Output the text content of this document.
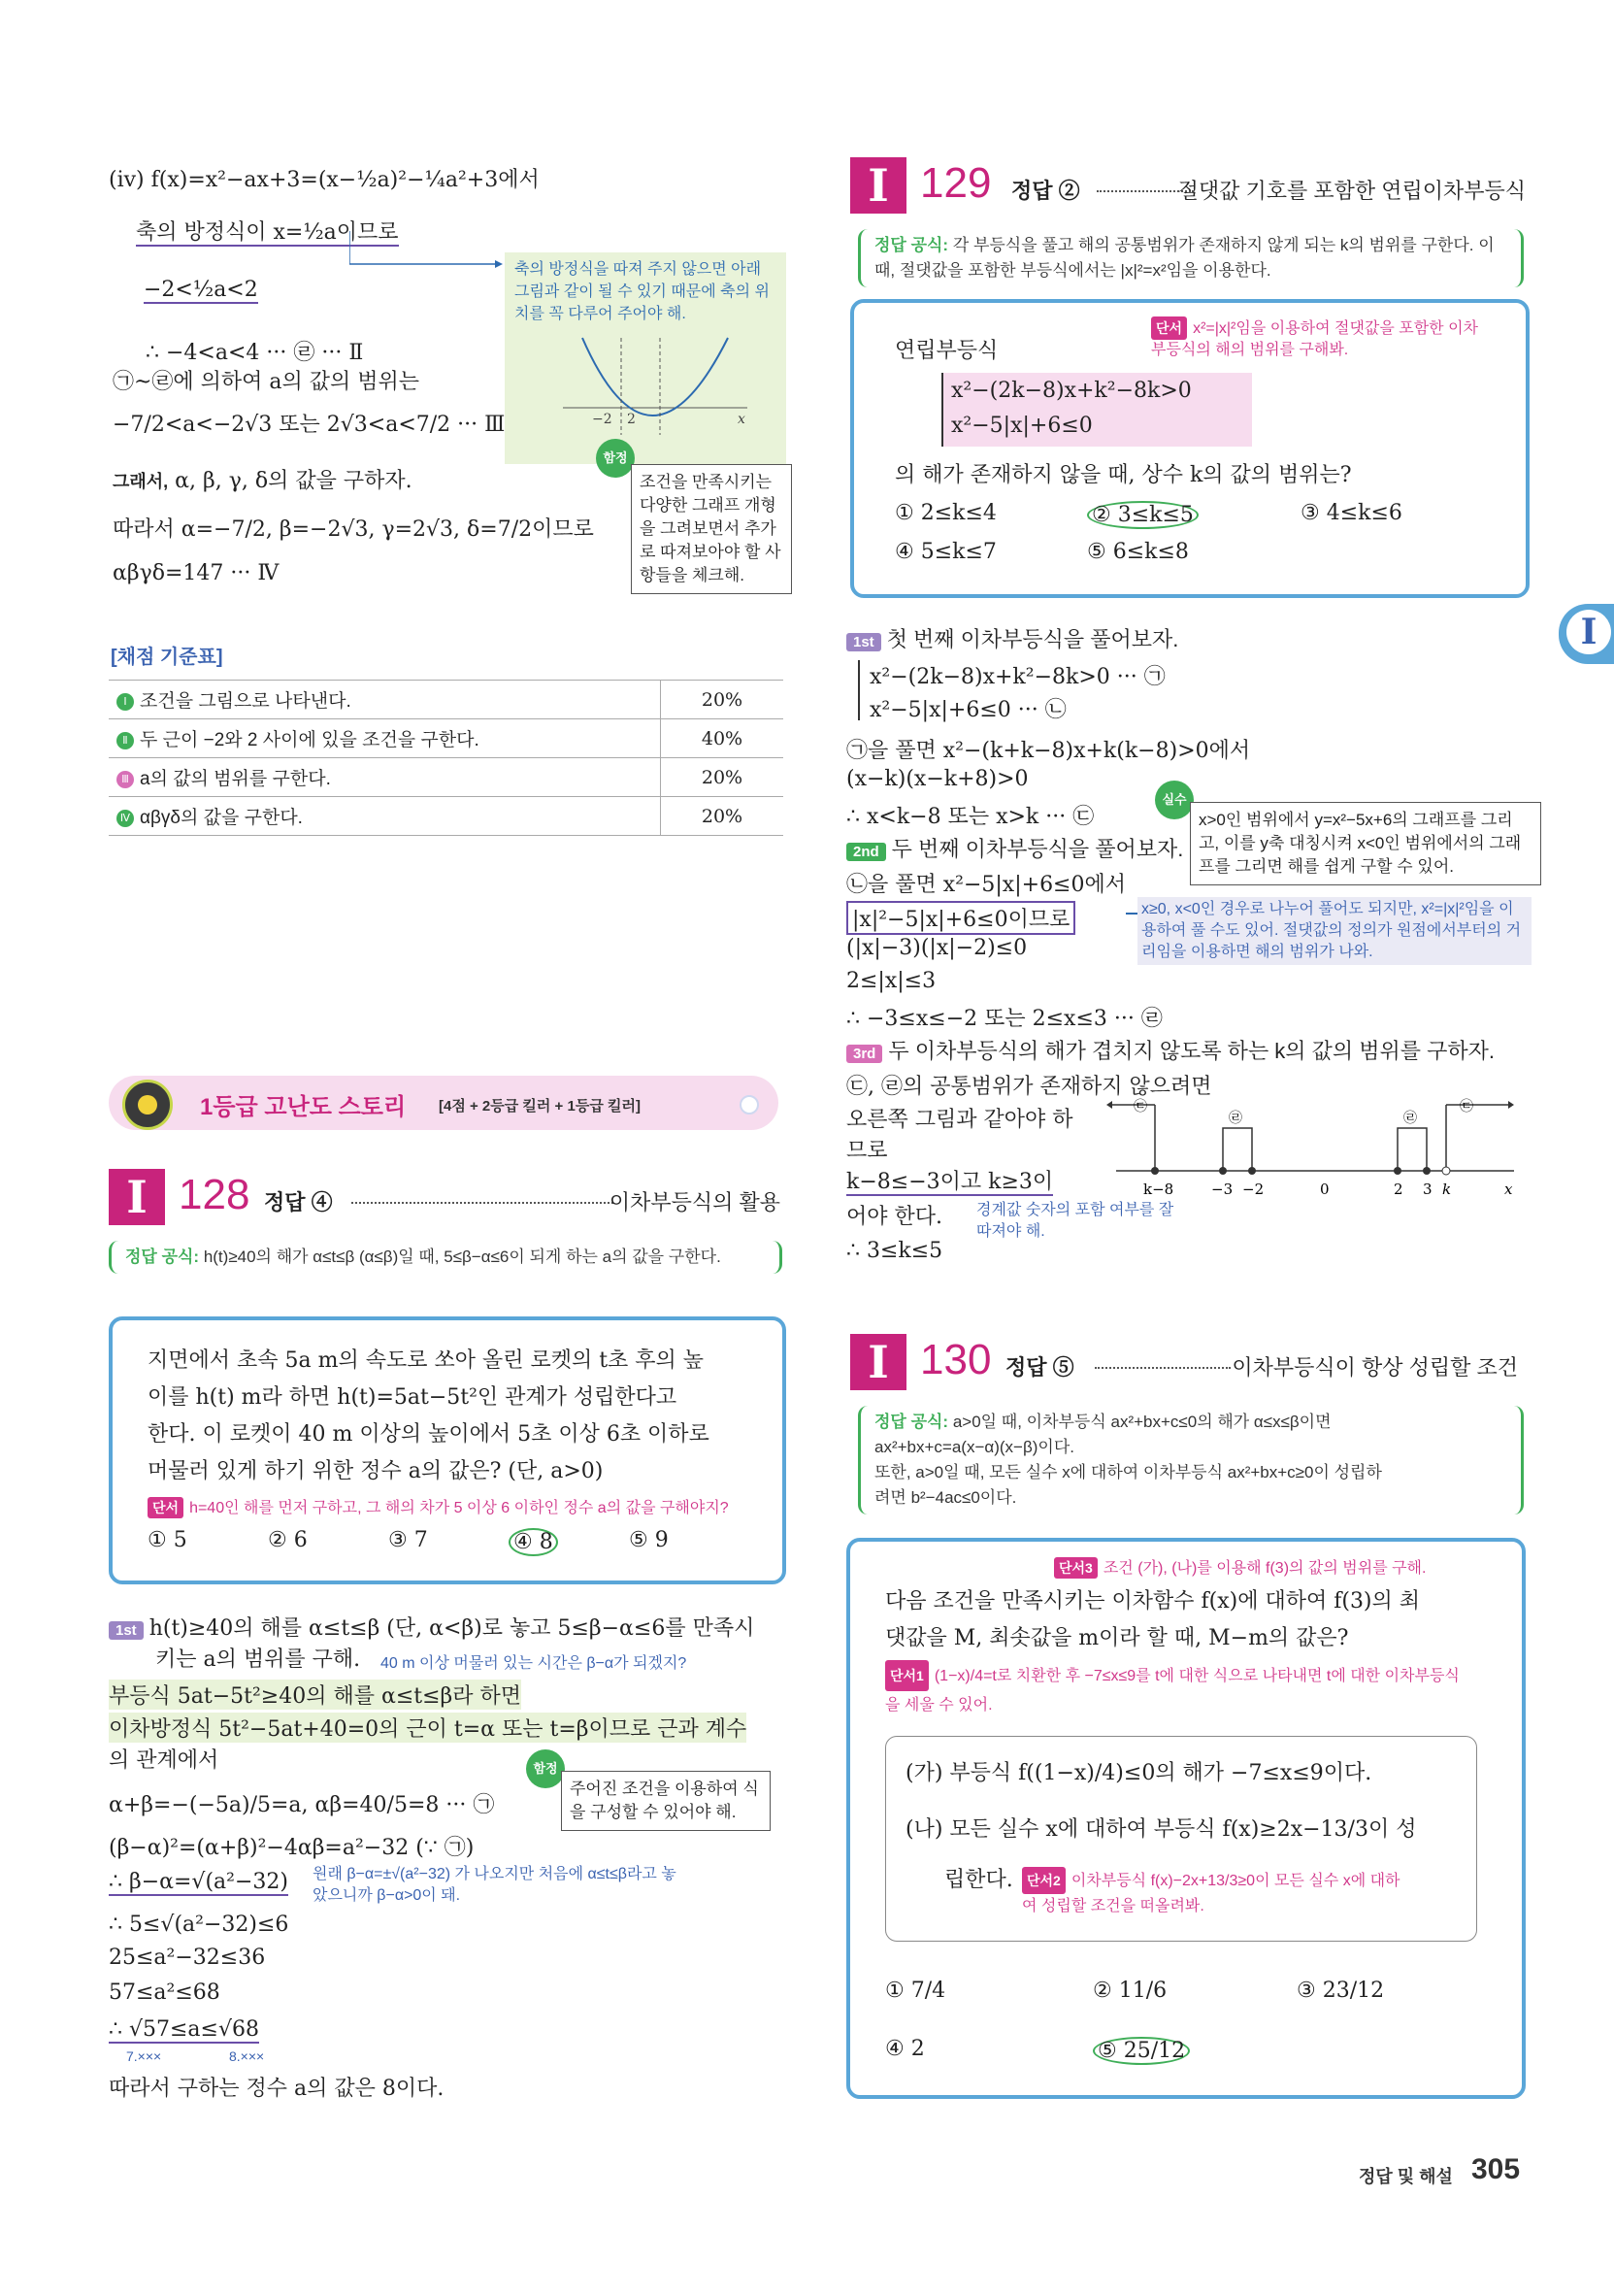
(iv) f(x)=x²−ax+3=(x−½a)²−¼a²+3에서
축의 방정식이 x=½a이므로
−2<½a<2
∴ −4<a<4 ··· ㉣ ··· Ⅱ
㉠~㉣에 의하여 a의 값의 범위는
−7/2<a<−2√3 또는 2√3<a<7/2 ··· Ⅲ
그래서, α, β, γ, δ의 값을 구하자.
따라서 α=−7/2, β=−2√3, γ=2√3, δ=7/2이므로
αβγδ=147 ··· Ⅳ
축의 방정식을 따져 주지 않으면 아래 그림과 같이 될 수 있기 때문에 축의 위치를 꼭 다루어 주어야 해.
−2 2	x
함정
조건을 만족시키는 다양한 그래프 개형을 그려보면서 추가로 따져보아야 할 사항들을 체크해.
[채점 기준표]
Ⅰ 조건을 그림으로 나타낸다.	20%
Ⅱ 두 근이 −2와 2 사이에 있을 조건을 구한다.	40%
Ⅲ a의 값의 범위를 구한다.	20%
Ⅳ αβγδ의 값을 구한다.	20%
1등급 고난도 스토리 [4점 + 2등급 킬러 + 1등급 킬러]
I 128 정답 ④	이차부등식의 활용
정답 공식: h(t)≥40의 해가 α≤t≤β (α≤β)일 때, 5≤β−α≤6이 되게 하는 a의 값을 구한다.
지면에서 초속 5a m의 속도로 쏘아 올린 로켓의 t초 후의 높
이를 h(t) m라 하면 h(t)=5at−5t²인 관계가 성립한다고
한다. 이 로켓이 40 m 이상의 높이에서 5초 이상 6초 이하로
머물러 있게 하기 위한 정수 a의 값은? (단, a>0)
단서 h=40인 해를 먼저 구하고, 그 해의 차가 5 이상 6 이하인 정수 a의 값을 구해야지?
① 5	② 6	③ 7	④ 8	⑤ 9
1st h(t)≥40의 해를 α≤t≤β (단, α<β)로 놓고 5≤β−α≤6를 만족시
키는 a의 범위를 구해. 40 m 이상 머물러 있는 시간은 β−α가 되겠지?
부등식 5at−5t²≥40의 해를 α≤t≤β라 하면
이차방정식 5t²−5at+40=0의 근이 t=α 또는 t=β이므로 근과 계수
의 관계에서
α+β=−(−5a)/5=a, αβ=40/5=8 ··· ㉠
(β−α)²=(α+β)²−4αβ=a²−32 (∵ ㉠)
∴ β−α=√(a²−32) 원래 β−α=±√(a²−32) 가 나오지만 처음에 α≤t≤β라고 놓았으니까 β−α>0이 돼.
∴ 5≤√(a²−32)≤6
25≤a²−32≤36
57≤a²≤68
∴ √57≤a≤√68
7.×××	8.×××
따라서 구하는 정수 a의 값은 8이다.
함정
주어진 조건을 이용하여 식을 구성할 수 있어야 해.
I 129 정답 ②	절댓값 기호를 포함한 연립이차부등식
정답 공식: 각 부등식을 풀고 해의 공통범위가 존재하지 않게 되는 k의 범위를 구한다. 이때, 절댓값을 포함한 부등식에서는 |x|²=x²임을 이용한다.
단서 x²=|x|²임을 이용하여 절댓값을 포함한 이차부등식의 해의 범위를 구해봐.
연립부등식
x²−(2k−8)x+k²−8k>0
x²−5|x|+6≤0
의 해가 존재하지 않을 때, 상수 k의 값의 범위는?
① 2≤k≤4	② 3≤k≤5	③ 4≤k≤6
④ 5≤k≤7	⑤ 6≤k≤8
1st 첫 번째 이차부등식을 풀어보자.
x²−(2k−8)x+k²−8k>0 ··· ㉠
x²−5|x|+6≤0 ··· ㉡
㉠을 풀면 x²−(k+k−8)x+k(k−8)>0에서
(x−k)(x−k+8)>0
∴ x<k−8 또는 x>k ··· ㉢
실수
x>0인 범위에서 y=x²−5x+6의 그래프를 그리고, 이를 y축 대칭시켜 x<0인 범위에서의 그래프를 그리면 해를 쉽게 구할 수 있어.
2nd 두 번째 이차부등식을 풀어보자.
㉡을 풀면 x²−5|x|+6≤0에서
|x|²−5|x|+6≤0이므로	x≥0, x<0인 경우로 나누어 풀어도 되지만, x²=|x|²임을 이용하여 풀 수도 있어. 절댓값의 정의가 원점에서부터의 거리임을 이용하면 해의 범위가 나와.
(|x|−3)(|x|−2)≤0
2≤|x|≤3
∴ −3≤x≤−2 또는 2≤x≤3 ··· ㉣
3rd 두 이차부등식의 해가 겹치지 않도록 하는 k의 값의 범위를 구하자.
㉢, ㉣의 공통범위가 존재하지 않으려면
오른쪽 그림과 같아야 하
므로
k−8≤−3이고 k≥3이
어야 한다. 경계값 숫자의 포함 여부를 잘 따져야 해.
∴ 3≤k≤5
㉢
㉣	㉣
㉢
k−8	−3 −2	0	2 3 k	x
I 130 정답 ⑤	이차부등식이 항상 성립할 조건
정답 공식: a>0일 때, 이차부등식 ax²+bx+c≤0의 해가 α≤x≤β이면
ax²+bx+c=a(x−α)(x−β)이다.
또한, a>0일 때, 모든 실수 x에 대하여 이차부등식 ax²+bx+c≥0이 성립하
려면 b²−4ac≤0이다.
단서3 조건 (가), (나)를 이용해 f(3)의 값의 범위를 구해.
다음 조건을 만족시키는 이차함수 f(x)에 대하여 f(3)의 최
댓값을 M, 최솟값을 m이라 할 때, M−m의 값은?
단서1 (1−x)/4=t로 치환한 후 −7≤x≤9를 t에 대한 식으로 나타내면 t에 대한 이차부등식을 세울 수 있어.
(가) 부등식 f((1−x)/4)≤0의 해가 −7≤x≤9이다.
(나) 모든 실수 x에 대하여 부등식 f(x)≥2x−13/3이 성
립한다.	단서2 이차부등식 f(x)−2x+13/3≥0이 모든 실수 x에 대하여 성립할 조건을 떠올려봐.
① 7/4	② 11/6	③ 23/12
④ 2	⑤ 25/12
I
정답 및 해설 305
